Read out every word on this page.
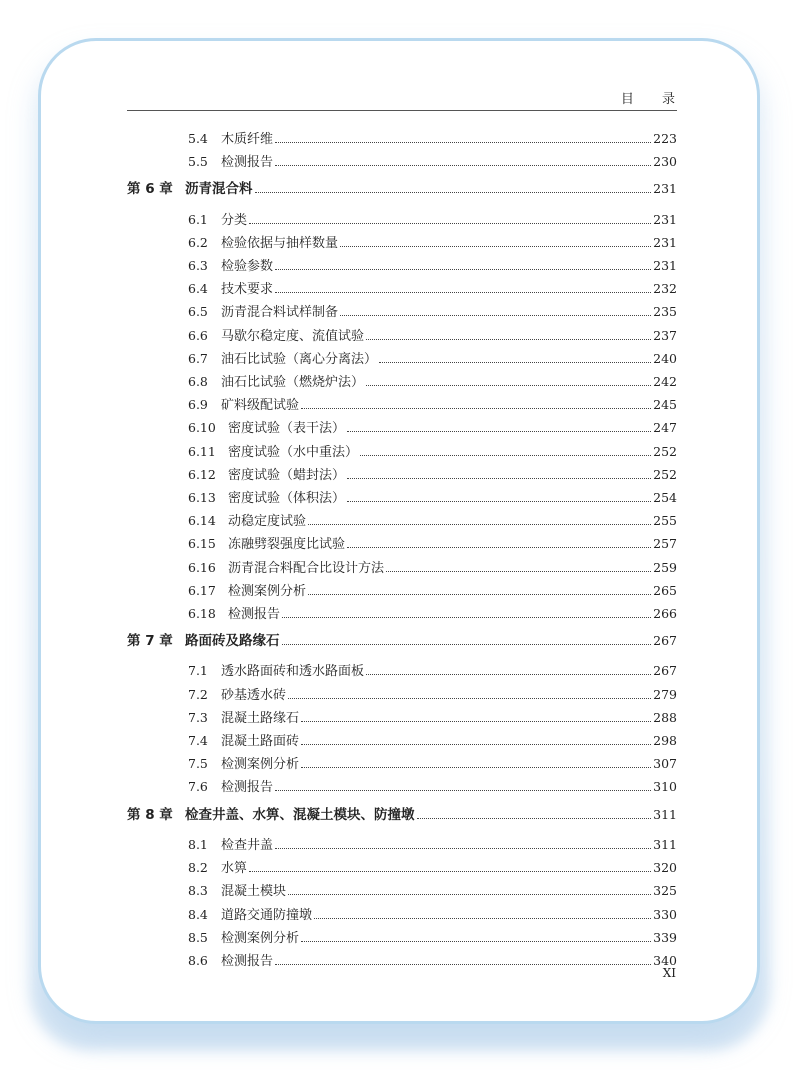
目 录
5.4	木质纤维	223
5.5	检测报告	230
第 6 章 沥青混合料	231
6.1	分类	231
6.2	检验依据与抽样数量	231
6.3	检验参数	231
6.4	技术要求	232
6.5	沥青混合料试样制备	235
6.6	马歇尔稳定度、流值试验	237
6.7	油石比试验（离心分离法）	240
6.8	油石比试验（燃烧炉法）	242
6.9	矿料级配试验	245
6.10 密度试验（表干法）	247
6.11 密度试验（水中重法）	252
6.12 密度试验（蜡封法）	252
6.13 密度试验（体积法）	254
6.14 动稳定度试验	255
6.15 冻融劈裂强度比试验	257
6.16 沥青混合料配合比设计方法	259
6.17 检测案例分析	265
6.18 检测报告	266
第 7 章 路面砖及路缘石	267
7.1	透水路面砖和透水路面板	267
7.2	砂基透水砖	279
7.3	混凝土路缘石	288
7.4	混凝土路面砖	298
7.5	检测案例分析	307
7.6	检测报告	310
第 8 章 检查井盖、水箅、混凝土模块、防撞墩	311
8.1	检查井盖	311
8.2	水箅	320
8.3	混凝土模块	325
8.4	道路交通防撞墩	330
8.5	检测案例分析	339
8.6	检测报告	340
XI
